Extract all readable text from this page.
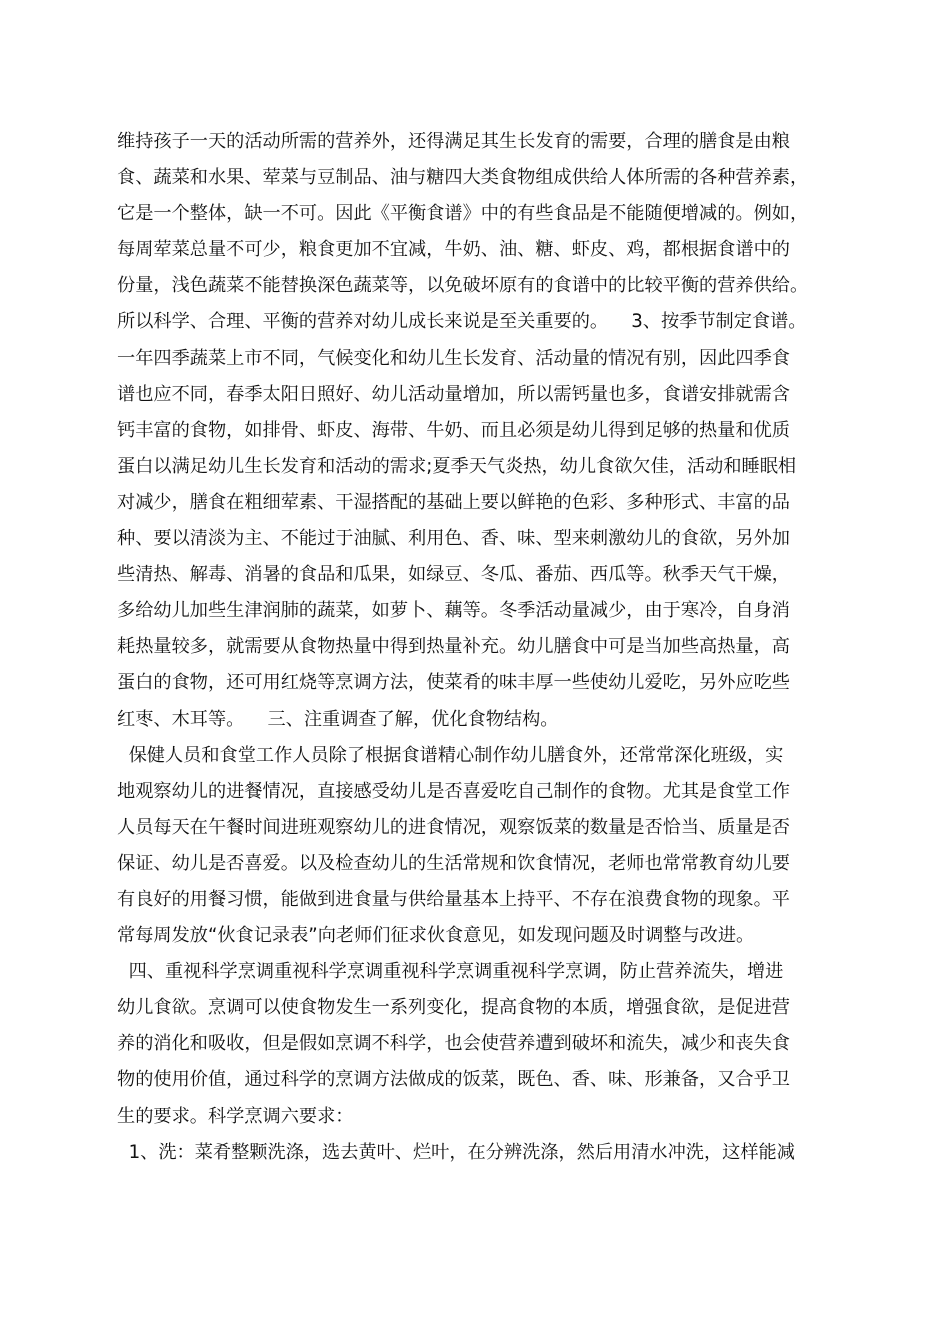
维持孩子一天的活动所需的营养外，还得满足其生长发育的需要，合理的膳食是由粮
食、蔬菜和水果、荤菜与豆制品、油与糖四大类食物组成供给人体所需的各种营养素，
它是一个整体，缺一不可。因此《平衡食谱》中的有些食品是不能随便增减的。例如，
每周荤菜总量不可少，粮食更加不宜减，牛奶、油、糖、虾皮、鸡，都根据食谱中的
份量，浅色蔬菜不能替换深色蔬菜等，以免破坏原有的食谱中的比较平衡的营养供给。
所以科学、合理、平衡的营养对幼儿成长来说是至关重要的。    3、按季节制定食谱。
一年四季蔬菜上市不同，气候变化和幼儿生长发育、活动量的情况有别，因此四季食
谱也应不同，春季太阳日照好、幼儿活动量增加，所以需钙量也多，食谱安排就需含
钙丰富的食物，如排骨、虾皮、海带、牛奶、而且必须是幼儿得到足够的热量和优质
蛋白以满足幼儿生长发育和活动的需求;夏季天气炎热，幼儿食欲欠佳，活动和睡眠相
对减少，膳食在粗细荤素、干湿搭配的基础上要以鲜艳的色彩、多种形式、丰富的品
种、要以清淡为主、不能过于油腻、利用色、香、味、型来刺激幼儿的食欲，另外加
些清热、解毒、消暑的食品和瓜果，如绿豆、冬瓜、番茄、西瓜等。秋季天气干燥，
多给幼儿加些生津润肺的蔬菜，如萝卜、藕等。冬季活动量减少，由于寒冷，自身消
耗热量较多，就需要从食物热量中得到热量补充。幼儿膳食中可是当加些高热量，高
蛋白的食物，还可用红烧等烹调方法，使菜肴的味丰厚一些使幼儿爱吃，另外应吃些
红枣、木耳等。    三、注重调查了解，优化食物结构。
保健人员和食堂工作人员除了根据食谱精心制作幼儿膳食外，还常常深化班级，实
地观察幼儿的进餐情况，直接感受幼儿是否喜爱吃自己制作的食物。尤其是食堂工作
人员每天在午餐时间进班观察幼儿的进食情况，观察饭菜的数量是否恰当、质量是否
保证、幼儿是否喜爱。以及检查幼儿的生活常规和饮食情况，老师也常常教育幼儿要
有良好的用餐习惯，能做到进食量与供给量基本上持平、不存在浪费食物的现象。平
常每周发放“伙食记录表”向老师们征求伙食意见，如发现问题及时调整与改进。
四、重视科学烹调重视科学烹调重视科学烹调重视科学烹调，防止营养流失，增进
幼儿食欲。烹调可以使食物发生一系列变化，提高食物的本质，增强食欲，是促进营
养的消化和吸收，但是假如烹调不科学，也会使营养遭到破坏和流失，减少和丧失食
物的使用价值，通过科学的烹调方法做成的饭菜，既色、香、味、形兼备，又合乎卫
生的要求。科学烹调六要求：
1、洗：菜肴整颗洗涤，选去黄叶、烂叶，在分辨洗涤，然后用清水冲洗，这样能减
